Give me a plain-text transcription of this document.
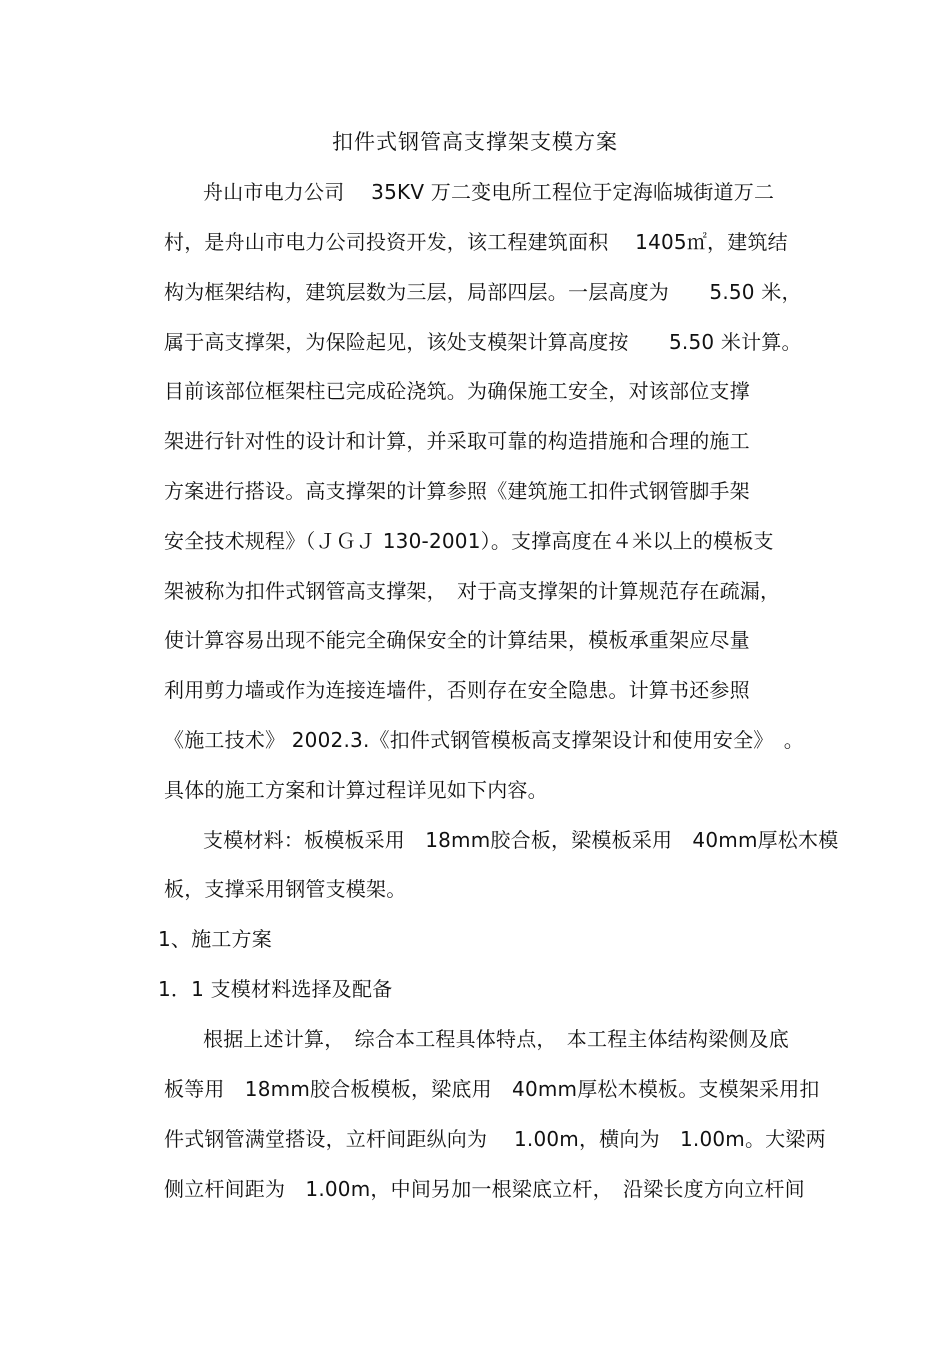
扣件式钢管高支撑架支模方案
舟山市电力公司　 35KV 万二变电所工程位于定海临城街道万二
村，是舟山市电力公司投资开发，该工程建筑面积　 1405㎡，建筑结
构为框架结构，建筑层数为三层，局部四层。一层高度为　　5.50 米，
属于高支撑架，为保险起见，该处支模架计算高度按　　5.50 米计算。
目前该部位框架柱已完成砼浇筑。为确保施工安全，对该部位支撑
架进行针对性的设计和计算，并采取可靠的构造措施和合理的施工
方案进行搭设。高支撑架的计算参照《建筑施工扣件式钢管脚手架
安全技术规程》（ＪＧＪ 130-2001）。支撑高度在４米以上的模板支
架被称为扣件式钢管高支撑架，　对于高支撑架的计算规范存在疏漏，
使计算容易出现不能完全确保安全的计算结果，模板承重架应尽量
利用剪力墙或作为连接连墙件，否则存在安全隐患。计算书还参照
《施工技术》 2002.3.《扣件式钢管模板高支撑架设计和使用安全》　。
具体的施工方案和计算过程详见如下内容。
支模材料：板模板采用　18mm胶合板，梁模板采用　40mm厚松木模
板，支撑采用钢管支模架。
1、施工方案
1．1 支模材料选择及配备
根据上述计算，　综合本工程具体特点，　本工程主体结构梁侧及底
板等用　18mm胶合板模板，梁底用　40mm厚松木模板。支模架采用扣
件式钢管满堂搭设，立杆间距纵向为　 1.00m，横向为　1.00m。大梁两
侧立杆间距为　1.00m，中间另加一根梁底立杆，　沿梁长度方向立杆间
